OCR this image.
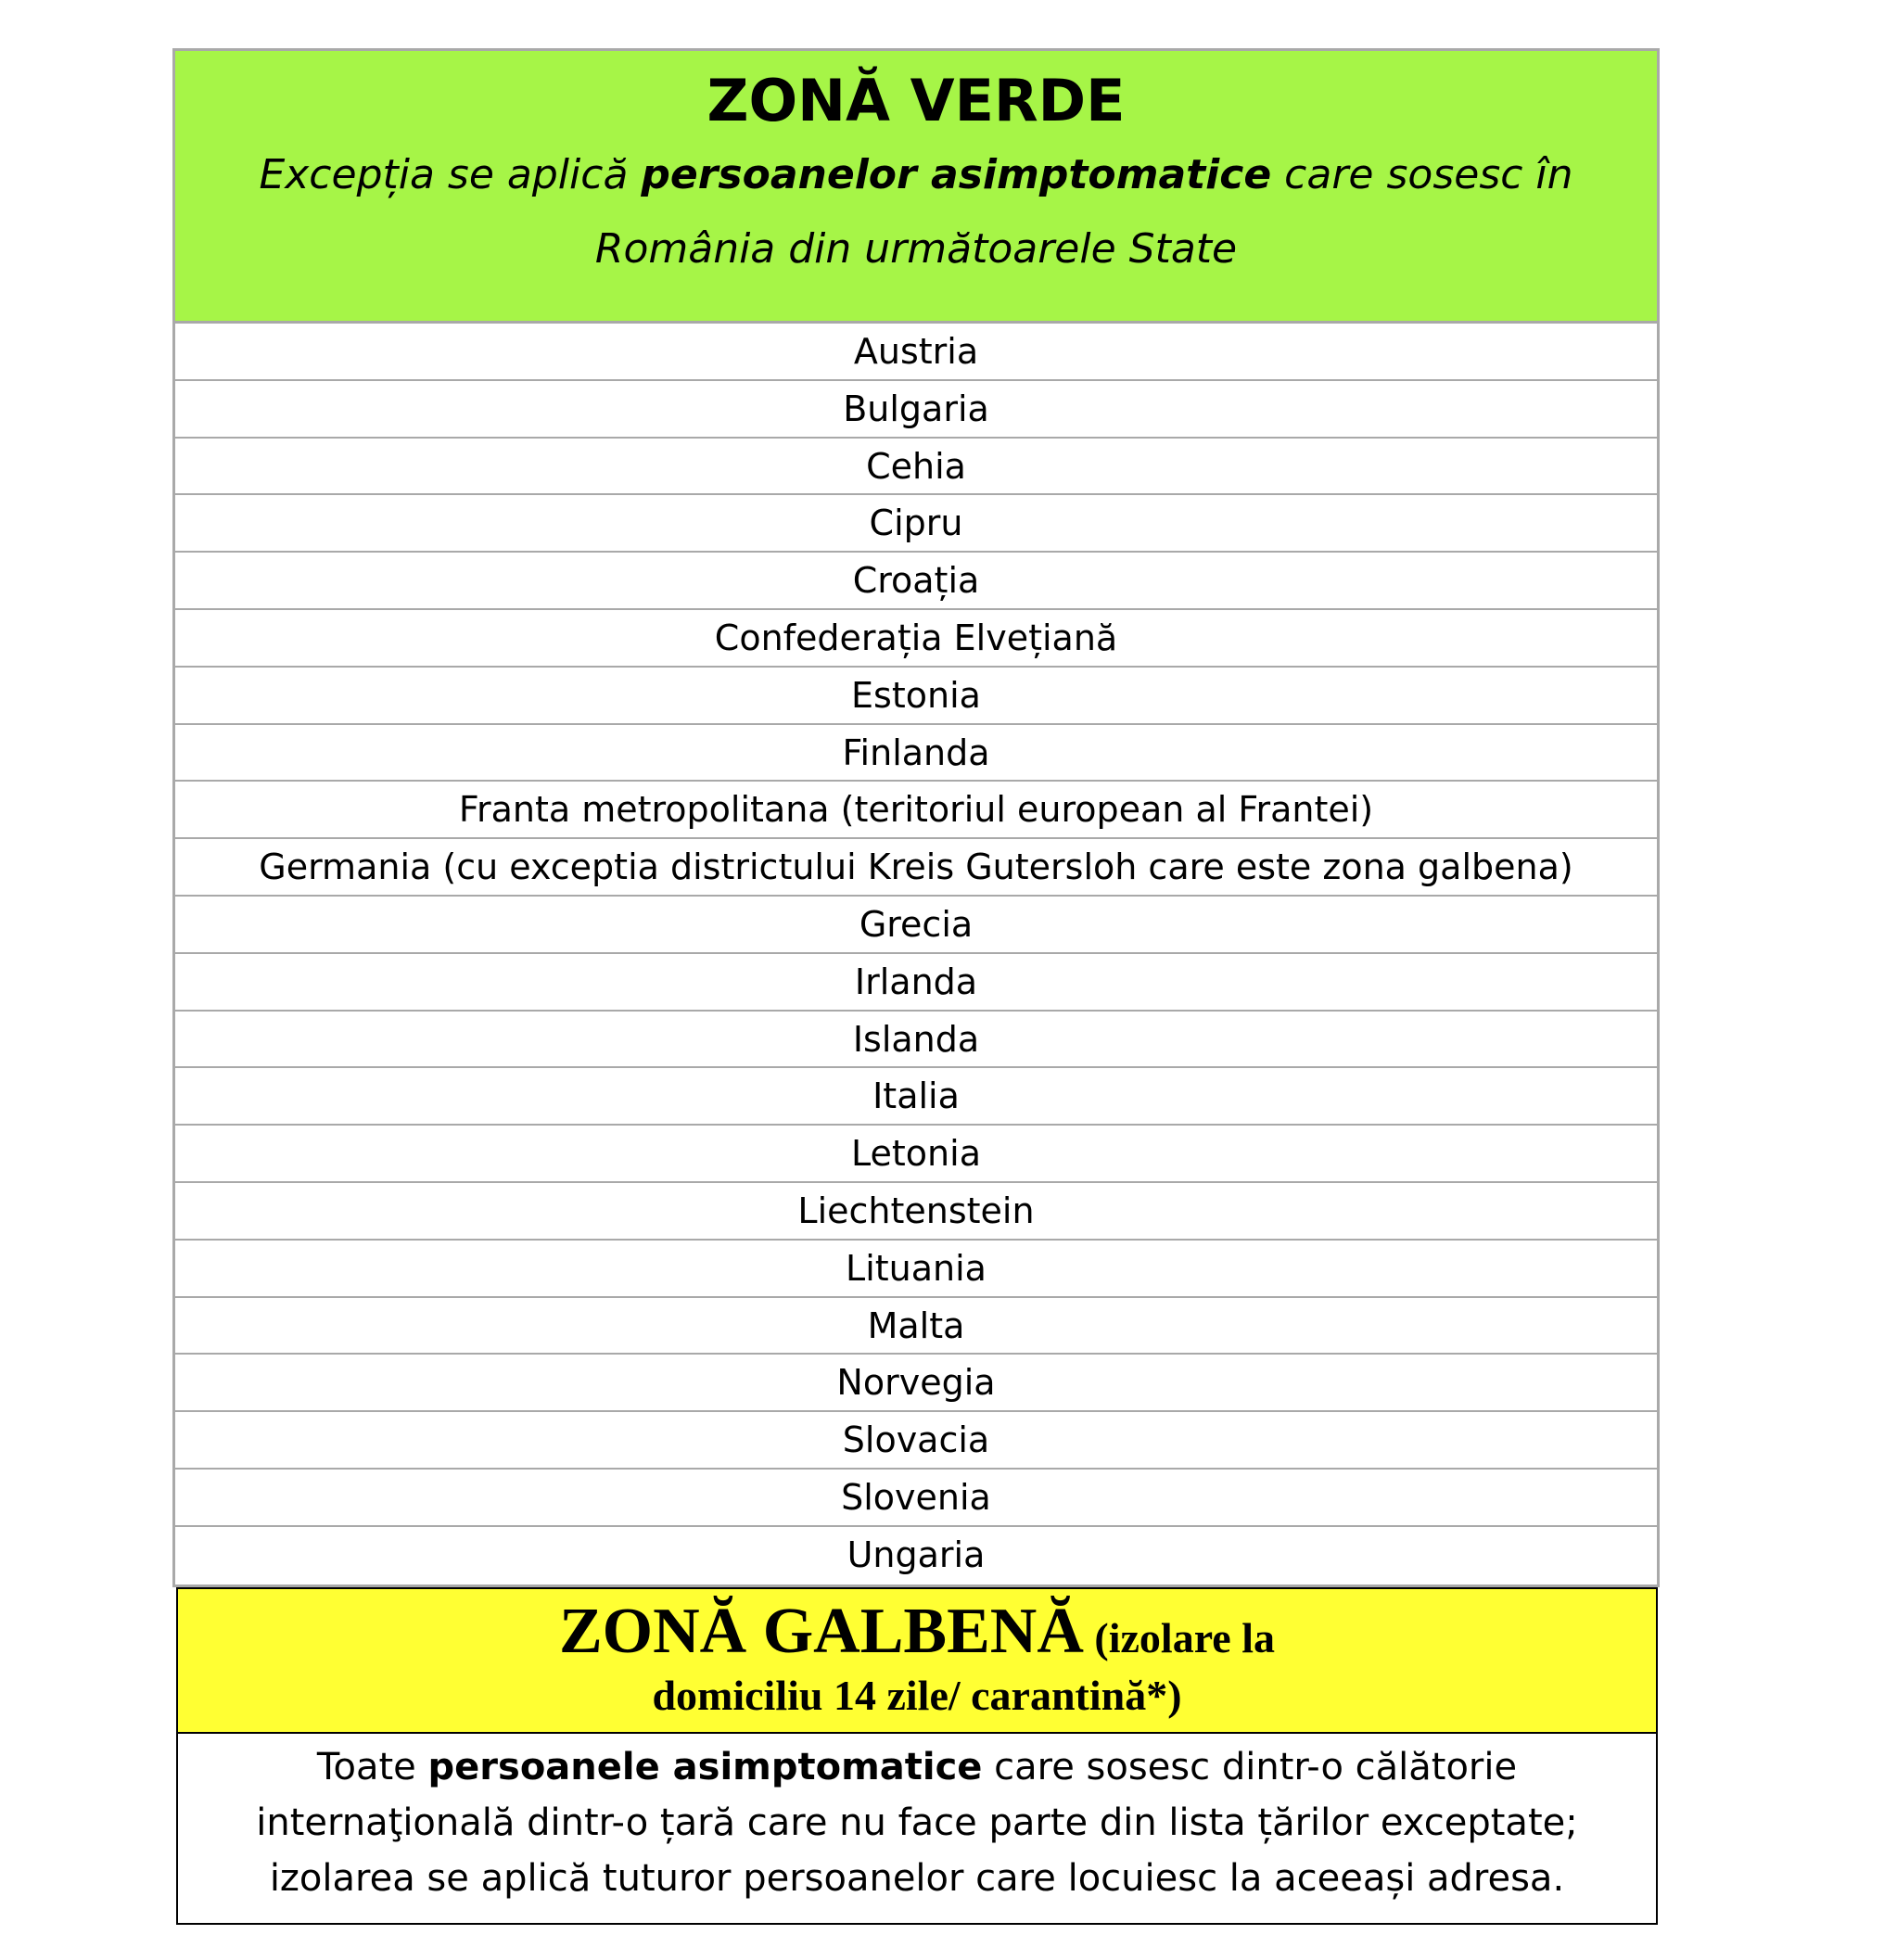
ZONĂ VERDE
Excepția se aplică persoanelor asimptomatice care sosesc în România din următoarele State
Austria
Bulgaria
Cehia
Cipru
Croația
Confederația Elvețiană
Estonia
Finlanda
Franta metropolitana (teritoriul european al Frantei)
Germania (cu exceptia districtului Kreis Gutersloh care este zona galbena)
Grecia
Irlanda
Islanda
Italia
Letonia
Liechtenstein
Lituania
Malta
Norvegia
Slovacia
Slovenia
Ungaria
ZONĂ GALBENĂ (izolare la
domiciliu 14 zile/ carantină*)
Toate persoanele asimptomatice care sosesc dintr-o călătorie internaţională dintr-o țară care nu face parte din lista țărilor exceptate; izolarea se aplică tuturor persoanelor care locuiesc la aceeași adresa.
